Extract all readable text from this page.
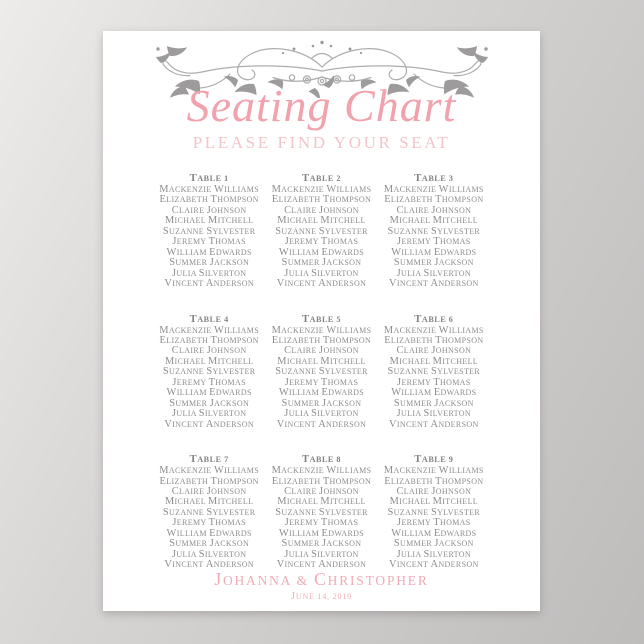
Seating Chart
PLEASE FIND YOUR SEAT
TABLE 1
MACKENZIE WILLIAMS
ELIZABETH THOMPSON
CLAIRE JOHNSON
MICHAEL MITCHELL
SUZANNE SYLVESTER
JEREMY THOMAS
WILLIAM EDWARDS
SUMMER JACKSON
JULIA SILVERTON
VINCENT ANDERSON
TABLE 2
MACKENZIE WILLIAMS
ELIZABETH THOMPSON
CLAIRE JOHNSON
MICHAEL MITCHELL
SUZANNE SYLVESTER
JEREMY THOMAS
WILLIAM EDWARDS
SUMMER JACKSON
JULIA SILVERTON
VINCENT ANDERSON
TABLE 3
MACKENZIE WILLIAMS
ELIZABETH THOMPSON
CLAIRE JOHNSON
MICHAEL MITCHELL
SUZANNE SYLVESTER
JEREMY THOMAS
WILLIAM EDWARDS
SUMMER JACKSON
JULIA SILVERTON
VINCENT ANDERSON
TABLE 4
MACKENZIE WILLIAMS
ELIZABETH THOMPSON
CLAIRE JOHNSON
MICHAEL MITCHELL
SUZANNE SYLVESTER
JEREMY THOMAS
WILLIAM EDWARDS
SUMMER JACKSON
JULIA SILVERTON
VINCENT ANDERSON
TABLE 5
MACKENZIE WILLIAMS
ELIZABETH THOMPSON
CLAIRE JOHNSON
MICHAEL MITCHELL
SUZANNE SYLVESTER
JEREMY THOMAS
WILLIAM EDWARDS
SUMMER JACKSON
JULIA SILVERTON
VINCENT ANDERSON
TABLE 6
MACKENZIE WILLIAMS
ELIZABETH THOMPSON
CLAIRE JOHNSON
MICHAEL MITCHELL
SUZANNE SYLVESTER
JEREMY THOMAS
WILLIAM EDWARDS
SUMMER JACKSON
JULIA SILVERTON
VINCENT ANDERSON
TABLE 7
MACKENZIE WILLIAMS
ELIZABETH THOMPSON
CLAIRE JOHNSON
MICHAEL MITCHELL
SUZANNE SYLVESTER
JEREMY THOMAS
WILLIAM EDWARDS
SUMMER JACKSON
JULIA SILVERTON
VINCENT ANDERSON
TABLE 8
MACKENZIE WILLIAMS
ELIZABETH THOMPSON
CLAIRE JOHNSON
MICHAEL MITCHELL
SUZANNE SYLVESTER
JEREMY THOMAS
WILLIAM EDWARDS
SUMMER JACKSON
JULIA SILVERTON
VINCENT ANDERSON
TABLE 9
MACKENZIE WILLIAMS
ELIZABETH THOMPSON
CLAIRE JOHNSON
MICHAEL MITCHELL
SUZANNE SYLVESTER
JEREMY THOMAS
WILLIAM EDWARDS
SUMMER JACKSON
JULIA SILVERTON
VINCENT ANDERSON
JOHANNA & CHRISTOPHER
JUNE 14, 2019
